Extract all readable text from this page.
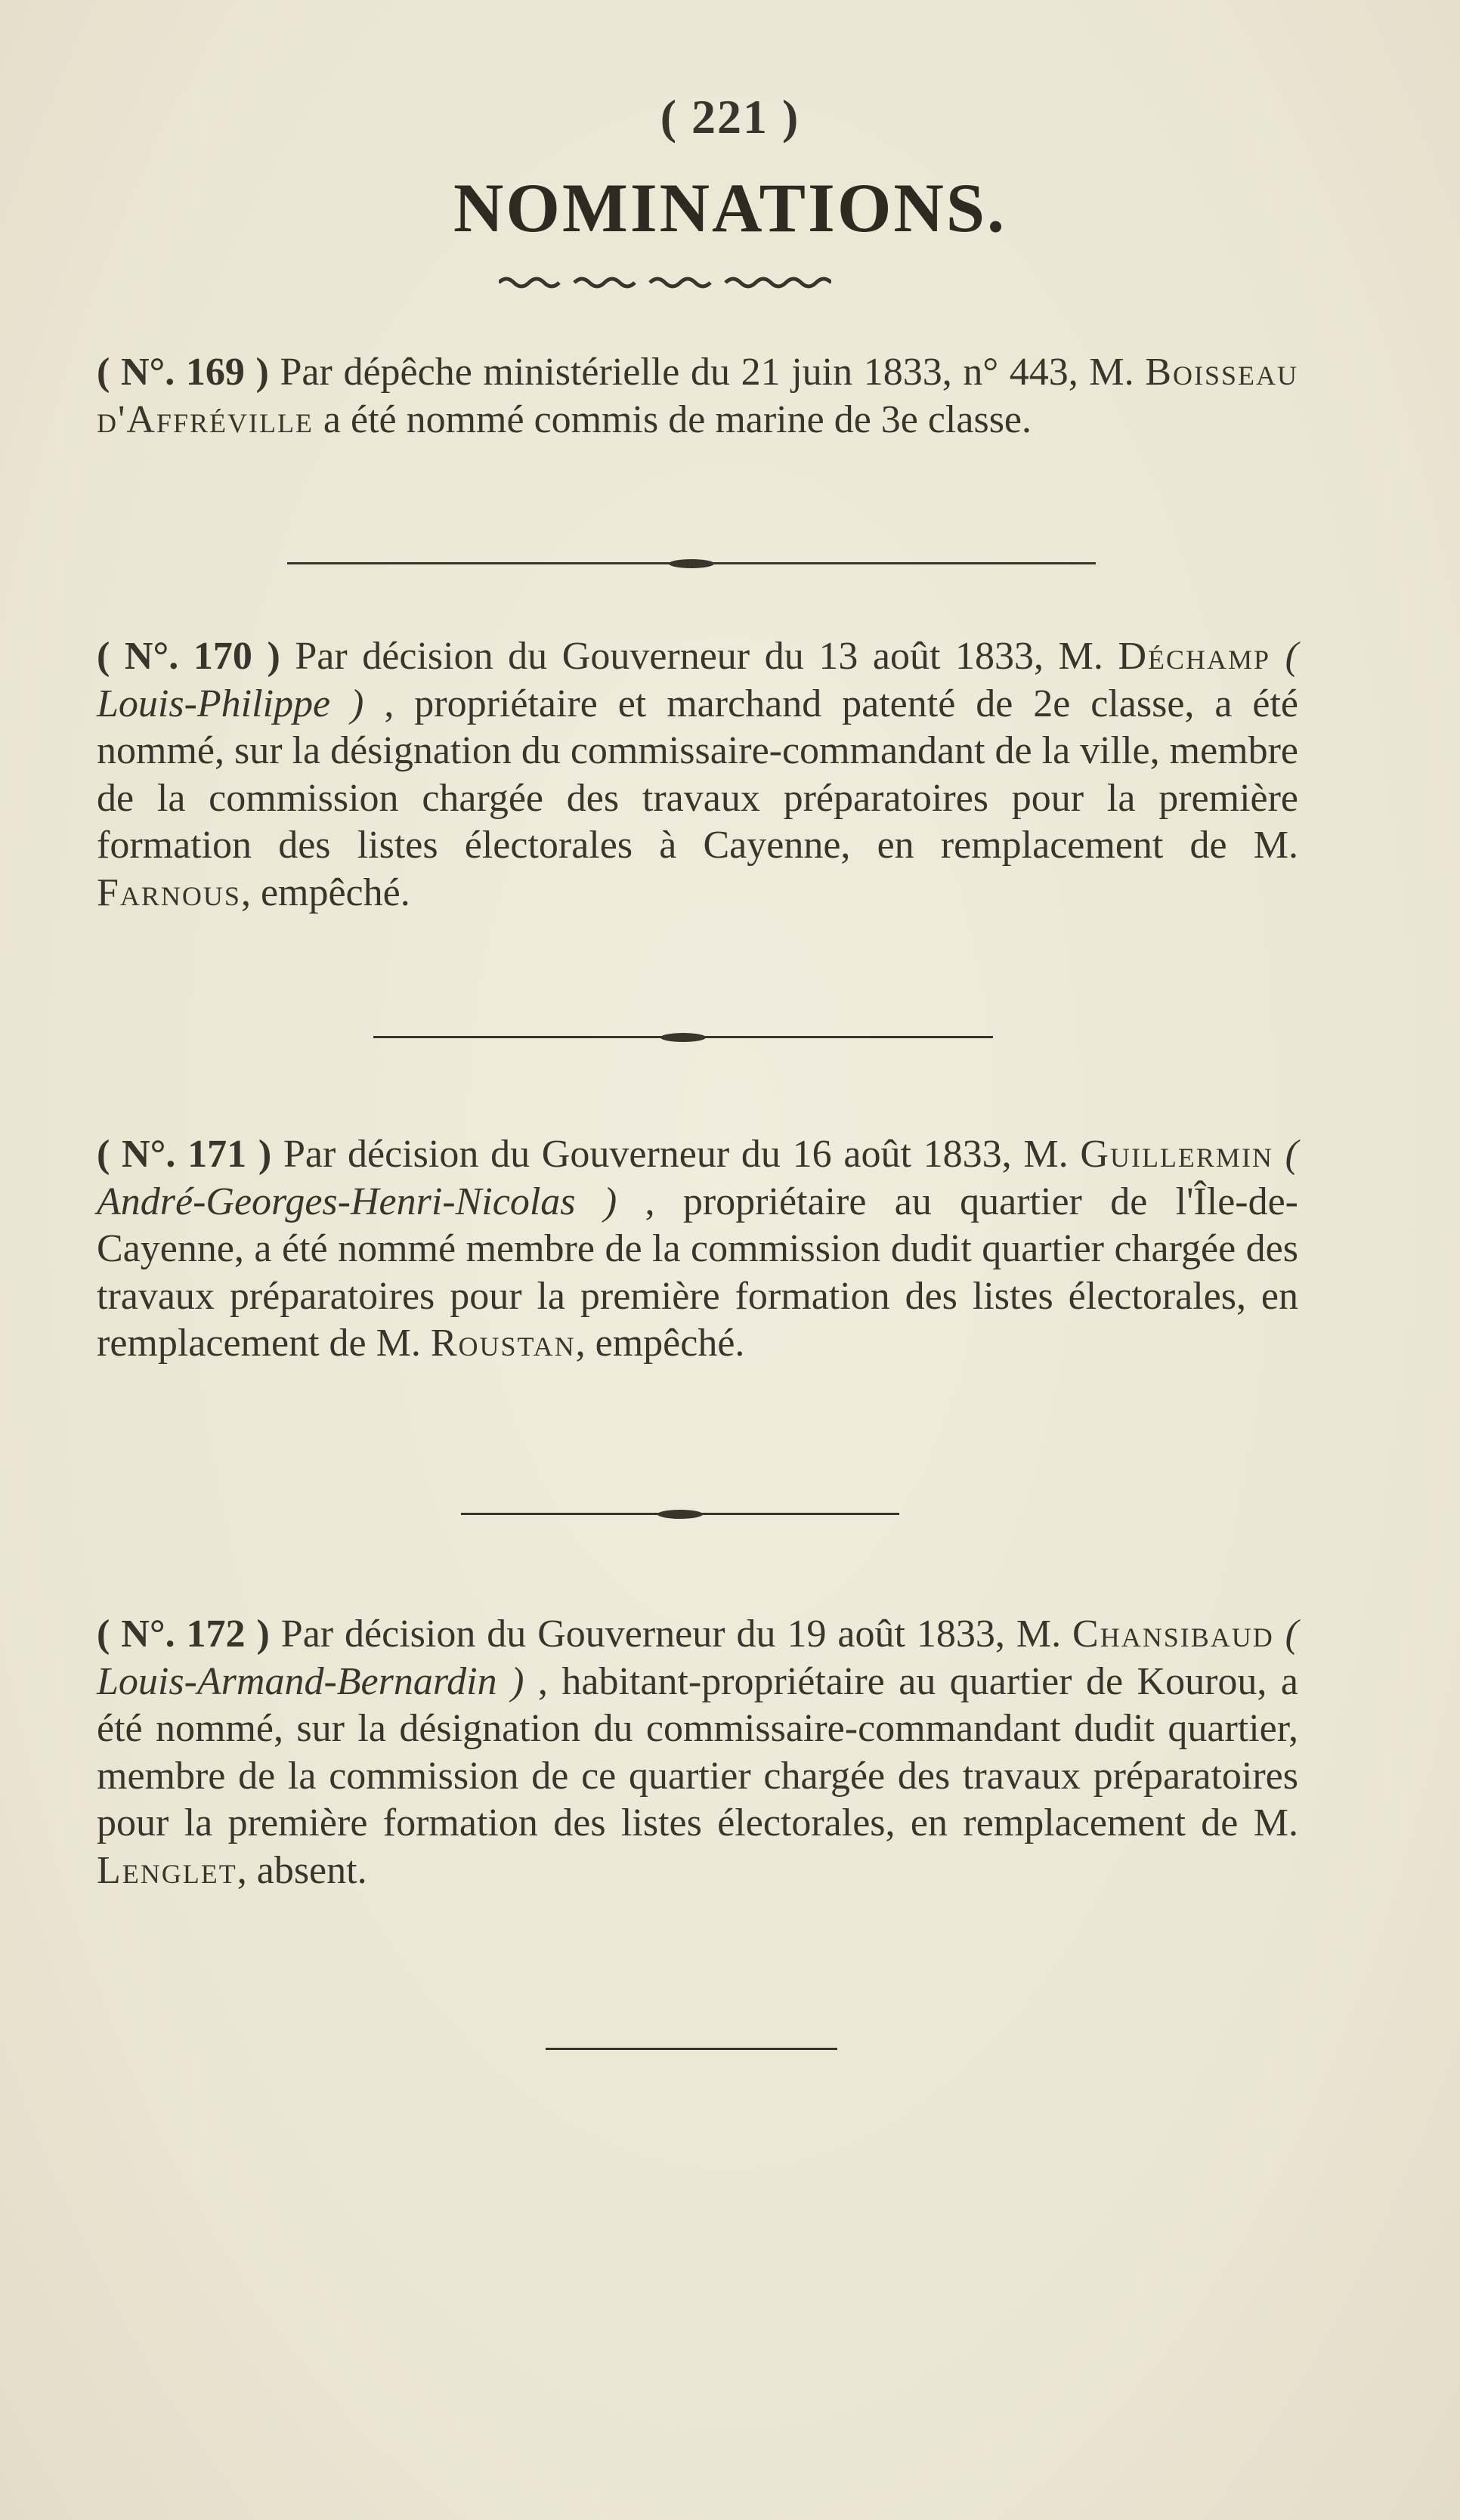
( 221 )
NOMINATIONS.
( N°. 169 ) Par dépêche ministérielle du 21 juin 1833, n° 443, M. Boisseau d'Affréville a été nommé commis de marine de 3e classe.
( N°. 170 ) Par décision du Gouverneur du 13 août 1833, M. Déchamp ( Louis-Philippe ) , propriétaire et marchand patenté de 2e classe, a été nommé, sur la désignation du commissaire-commandant de la ville, membre de la commission chargée des travaux préparatoires pour la première formation des listes électorales à Cayenne, en remplacement de M. Farnous, empêché.
( N°. 171 ) Par décision du Gouverneur du 16 août 1833, M. Guillermin ( André-Georges-Henri-Nicolas ) , propriétaire au quartier de l'Île-de-Cayenne, a été nommé membre de la commission dudit quartier chargée des travaux préparatoires pour la première formation des listes électorales, en remplacement de M. Roustan, empêché.
( N°. 172 ) Par décision du Gouverneur du 19 août 1833, M. Chansibaud ( Louis-Armand-Bernardin ) , habitant-propriétaire au quartier de Kourou, a été nommé, sur la désignation du commissaire-commandant dudit quartier, membre de la commission de ce quartier chargée des travaux préparatoires pour la première formation des listes électorales, en remplacement de M. Lenglet, absent.
